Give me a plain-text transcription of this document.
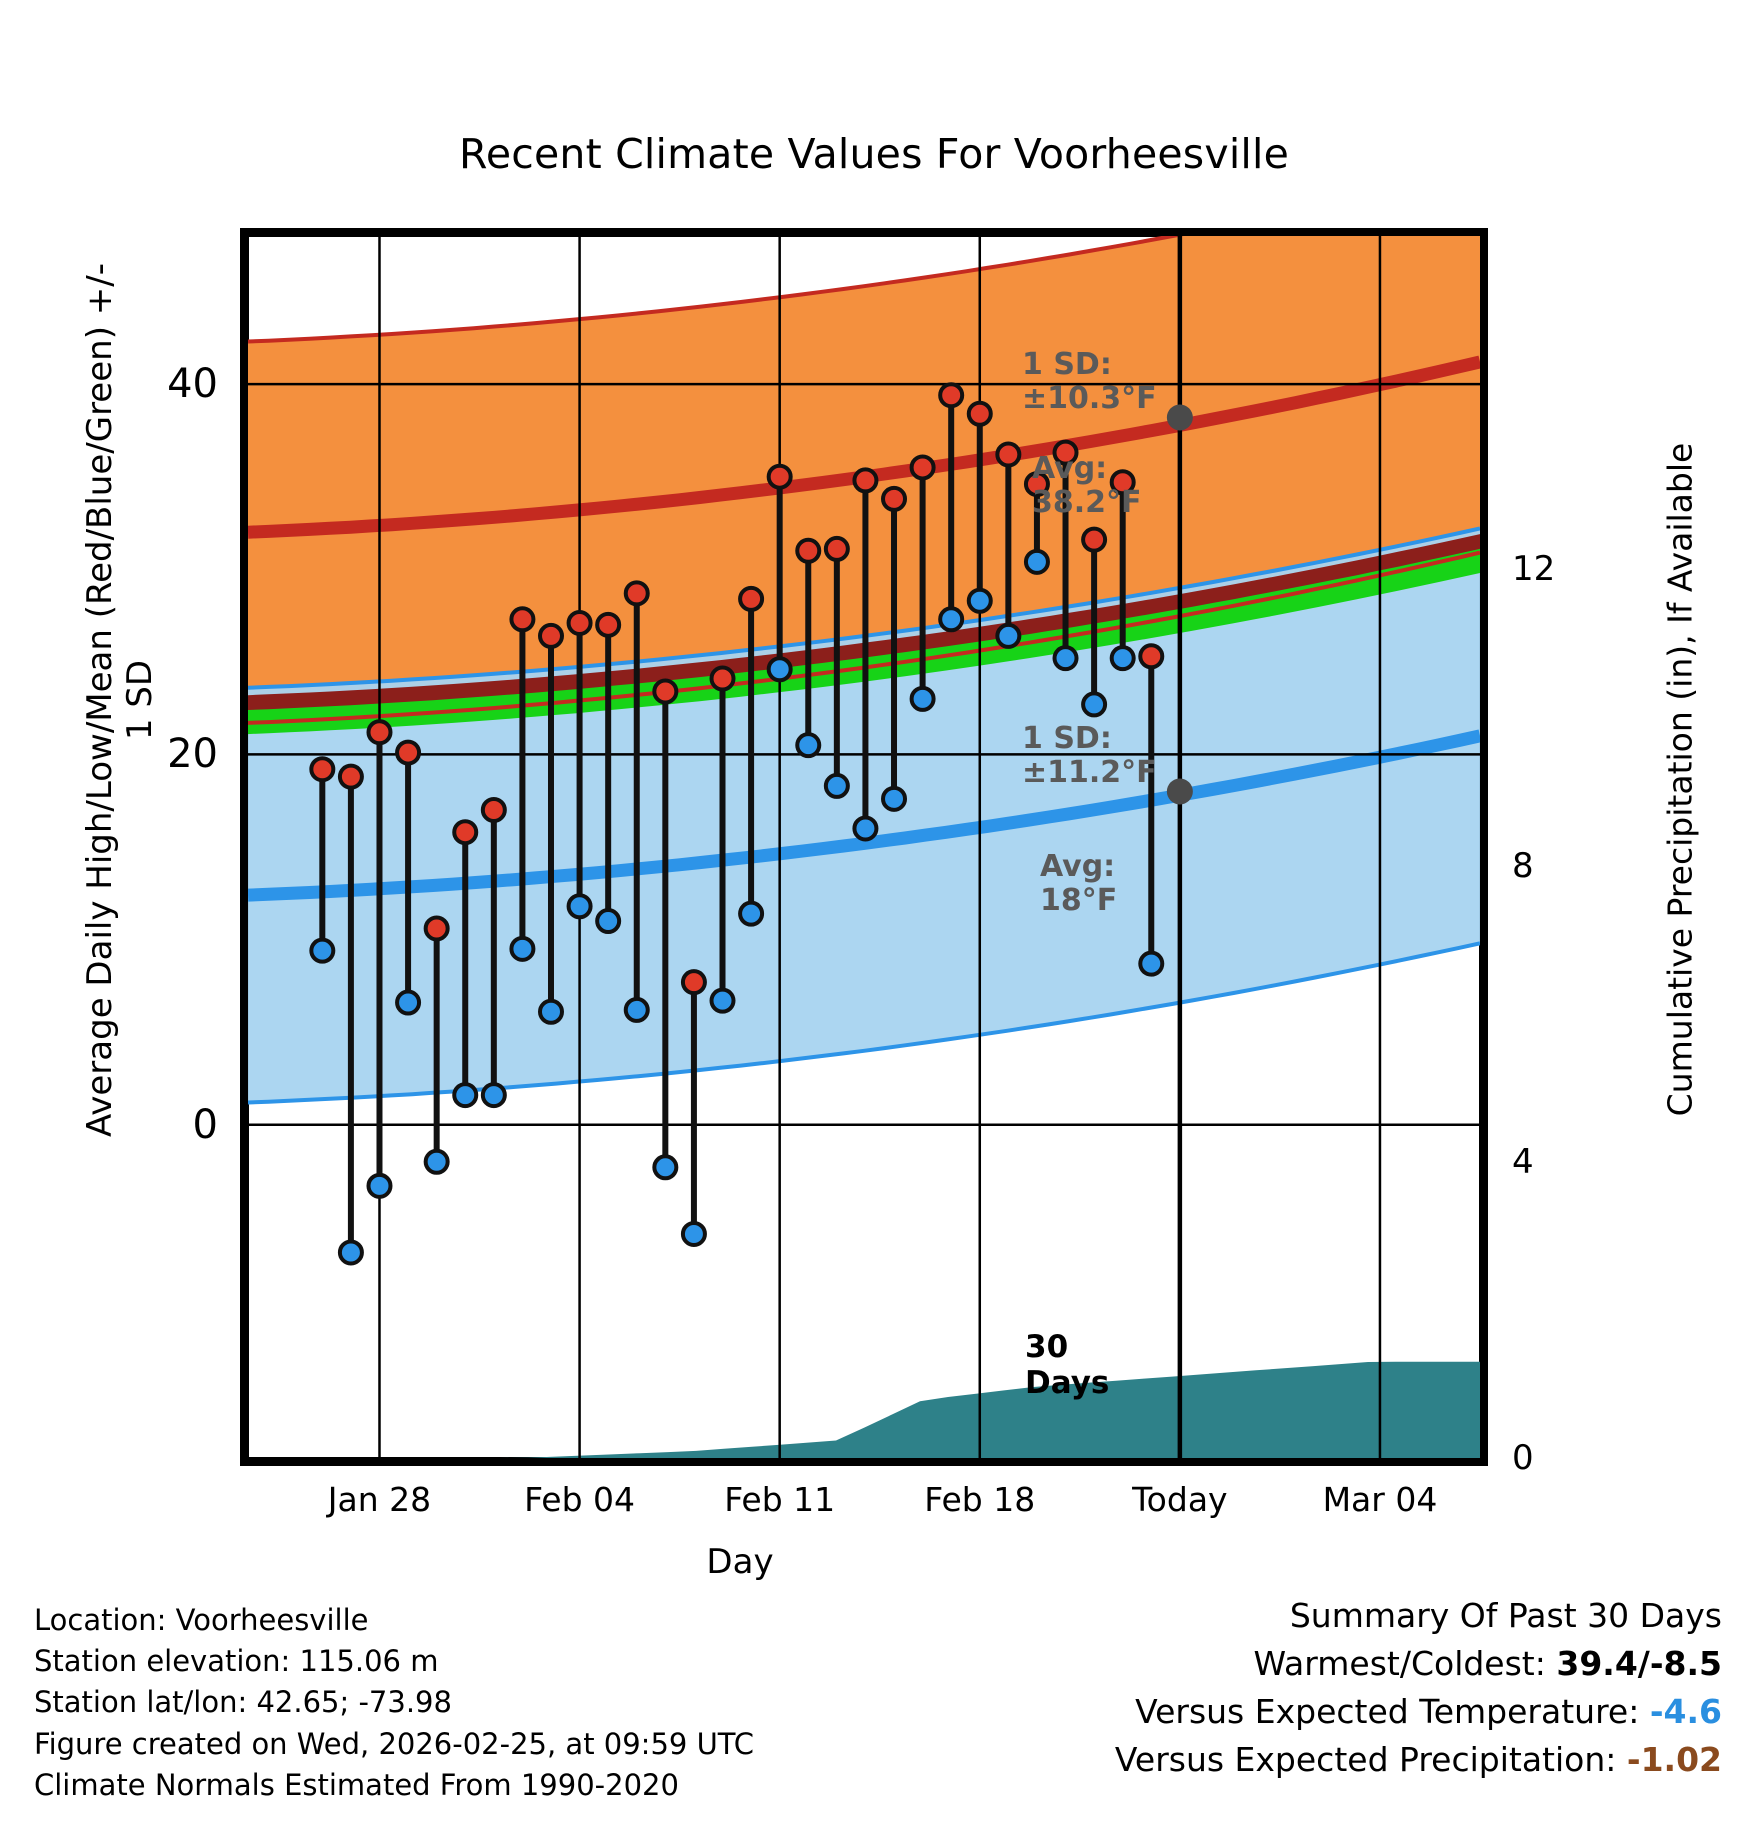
Recent Climate Values For Voorheesville
Average Daily High/Low/Mean (Red/Blue/Green) +/- 1 SD	Cumulative Precipitation (in), If Available
Day
Jan 28	Feb 04	Feb 11	Feb 18	Today	Mar 04
40
20
0
12
8
4
0
1 SD:
±10.3°F
Avg:
38.2°F
1 SD:
±11.2°F
Avg:
18°F
30
Days
Location: Voorheesville
Station elevation: 115.06 m
Station lat/lon: 42.65; -73.98
Figure created on Wed, 2026-02-25, at 09:59 UTC
Climate Normals Estimated From 1990-2020
Summary Of Past 30 Days
Warmest/Coldest: 39.4/-8.5
Versus Expected Temperature: -4.6
Versus Expected Precipitation: -1.02
